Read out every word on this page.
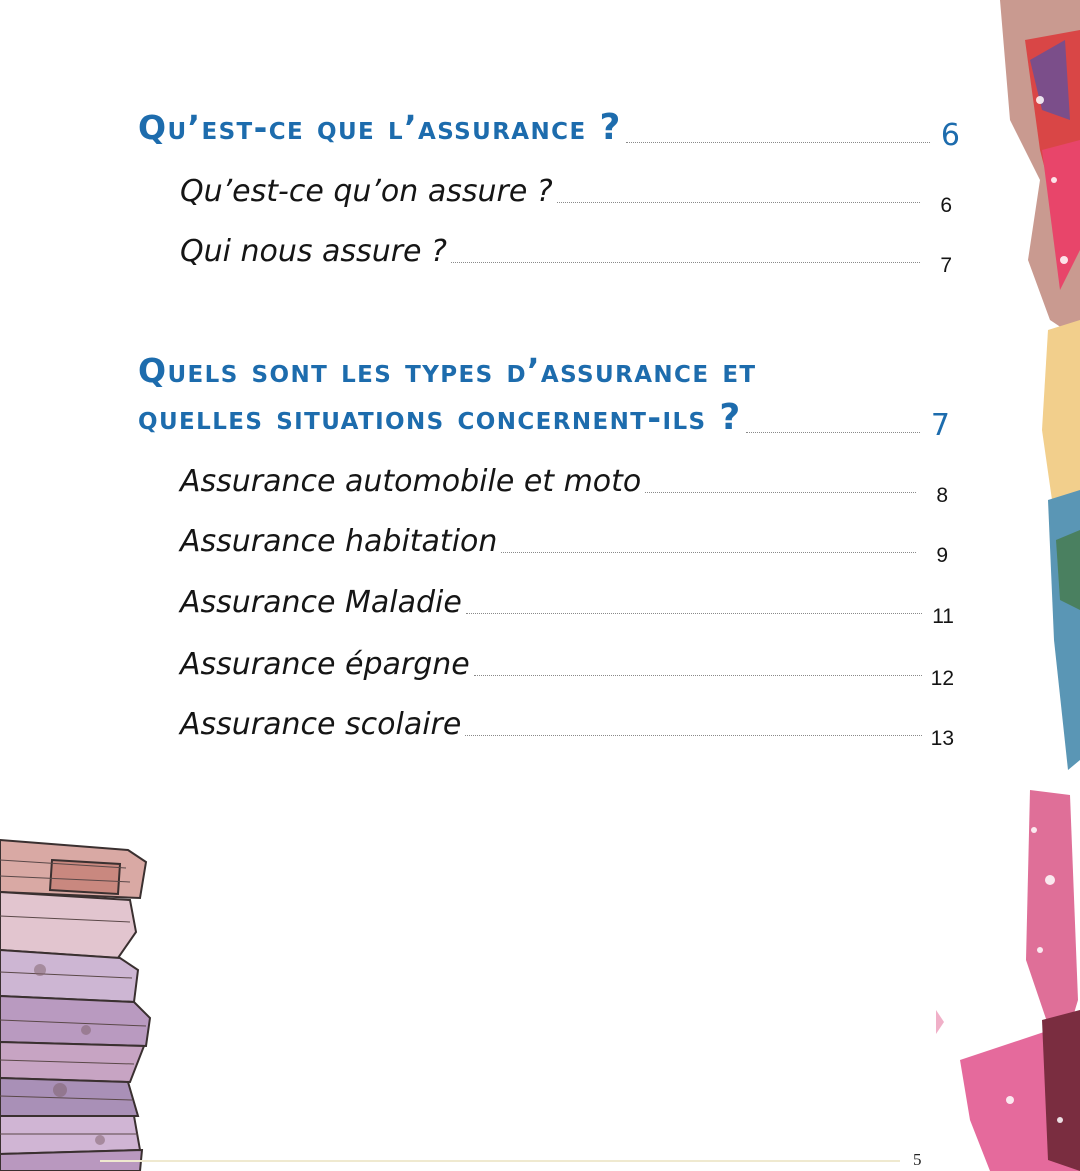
Qu’est-ce que l’assurance ?	6
Qu’est-ce qu’on assure ?	6
Qui nous assure ?	7
Quels sont les types d’assurance et
quelles situations concernent-ils ?	7
Assurance automobile et moto	8
Assurance habitation	9
Assurance Maladie	11
Assurance épargne	12
Assurance scolaire	13
5
